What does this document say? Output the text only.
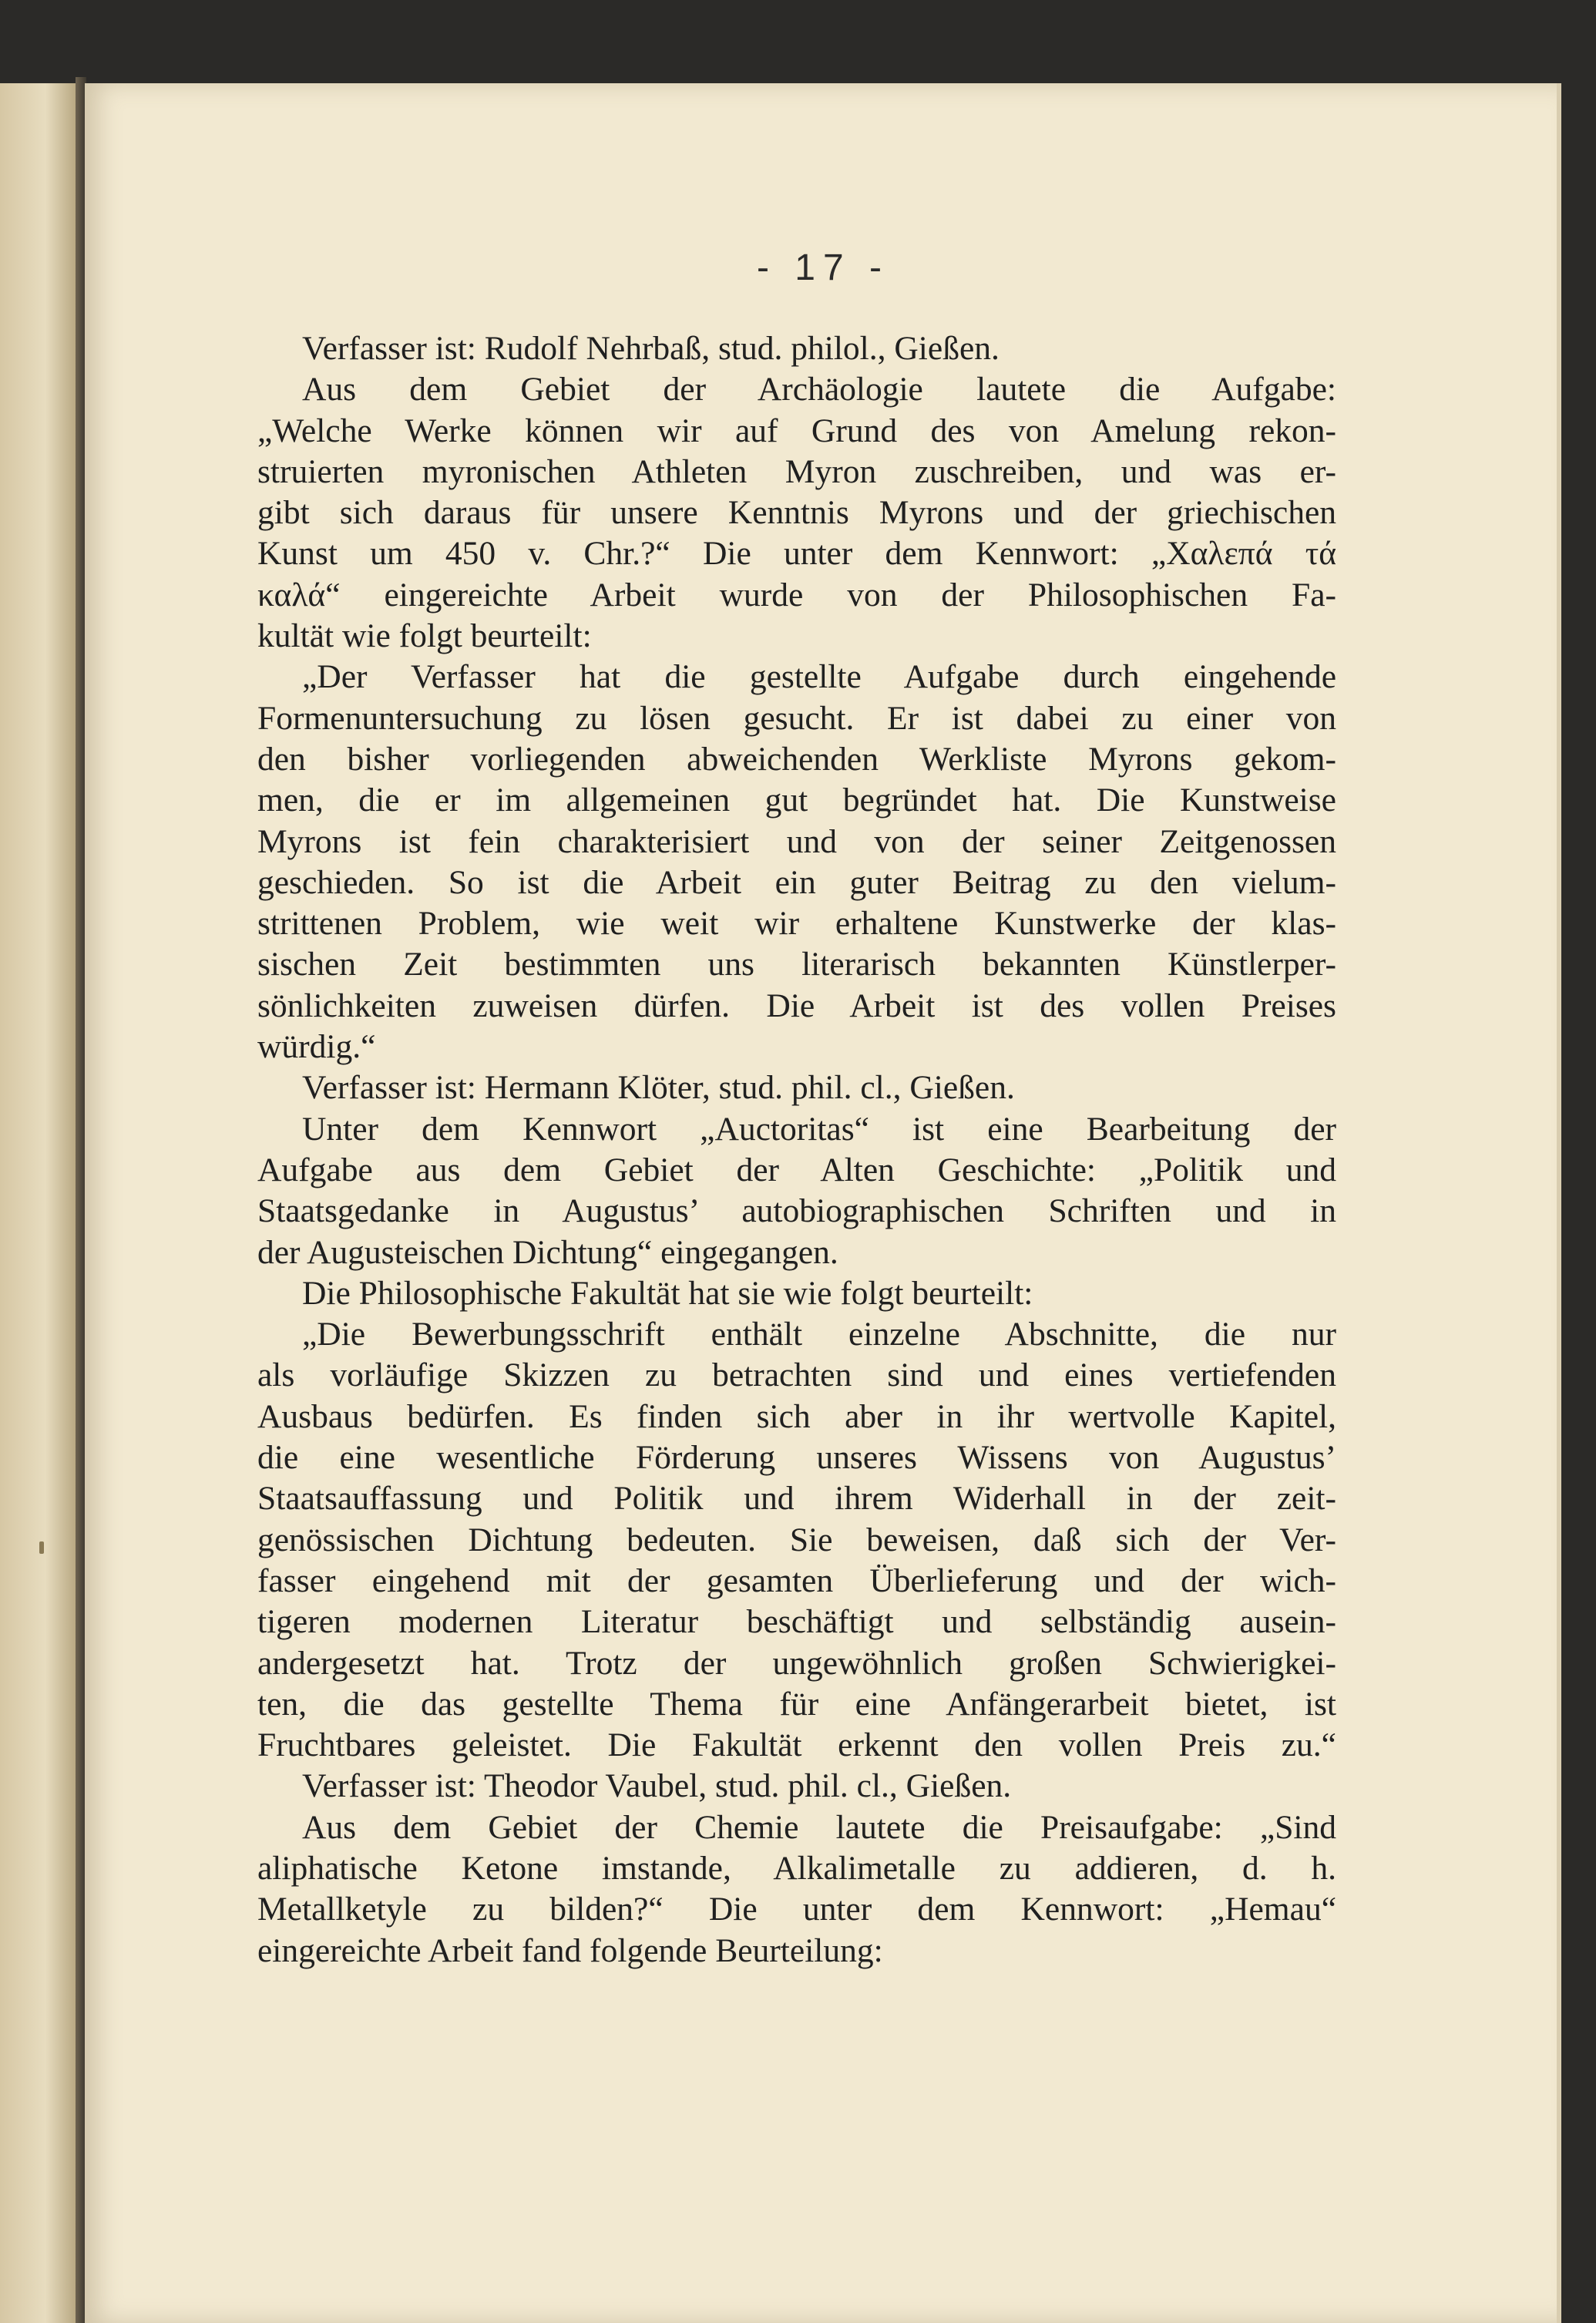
- 17 -
Verfasser ist: Rudolf Nehrbaß, stud. philol., Gießen.
Aus dem Gebiet der Archäologie lautete die Aufgabe:
„Welche Werke können wir auf Grund des von Amelung rekon-
struierten myronischen Athleten Myron zuschreiben, und was er-
gibt sich daraus für unsere Kenntnis Myrons und der griechischen
Kunst um 450 v. Chr.?“ Die unter dem Kennwort: „Χαλεπά τά
καλά“ eingereichte Arbeit wurde von der Philosophischen Fa-
kultät wie folgt beurteilt:
„Der Verfasser hat die gestellte Aufgabe durch eingehende
Formenuntersuchung zu lösen gesucht. Er ist dabei zu einer von
den bisher vorliegenden abweichenden Werkliste Myrons gekom-
men, die er im allgemeinen gut begründet hat. Die Kunstweise
Myrons ist fein charakterisiert und von der seiner Zeitgenossen
geschieden. So ist die Arbeit ein guter Beitrag zu den vielum-
strittenen Problem, wie weit wir erhaltene Kunstwerke der klas-
sischen Zeit bestimmten uns literarisch bekannten Künstlerper-
sönlichkeiten zuweisen dürfen. Die Arbeit ist des vollen Preises
würdig.“
Verfasser ist: Hermann Klöter, stud. phil. cl., Gießen.
Unter dem Kennwort „Auctoritas“ ist eine Bearbeitung der
Aufgabe aus dem Gebiet der Alten Geschichte: „Politik und
Staatsgedanke in Augustus’ autobiographischen Schriften und in
der Augusteischen Dichtung“ eingegangen.
Die Philosophische Fakultät hat sie wie folgt beurteilt:
„Die Bewerbungsschrift enthält einzelne Abschnitte, die nur
als vorläufige Skizzen zu betrachten sind und eines vertiefenden
Ausbaus bedürfen. Es finden sich aber in ihr wertvolle Kapitel,
die eine wesentliche Förderung unseres Wissens von Augustus’
Staatsauffassung und Politik und ihrem Widerhall in der zeit-
genössischen Dichtung bedeuten. Sie beweisen, daß sich der Ver-
fasser eingehend mit der gesamten Überlieferung und der wich-
tigeren modernen Literatur beschäftigt und selbständig ausein-
andergesetzt hat. Trotz der ungewöhnlich großen Schwierigkei-
ten, die das gestellte Thema für eine Anfängerarbeit bietet, ist
Fruchtbares geleistet. Die Fakultät erkennt den vollen Preis zu.“
Verfasser ist: Theodor Vaubel, stud. phil. cl., Gießen.
Aus dem Gebiet der Chemie lautete die Preisaufgabe: „Sind
aliphatische Ketone imstande, Alkalimetalle zu addieren, d. h.
Metallketyle zu bilden?“ Die unter dem Kennwort: „Hemau“
eingereichte Arbeit fand folgende Beurteilung:
